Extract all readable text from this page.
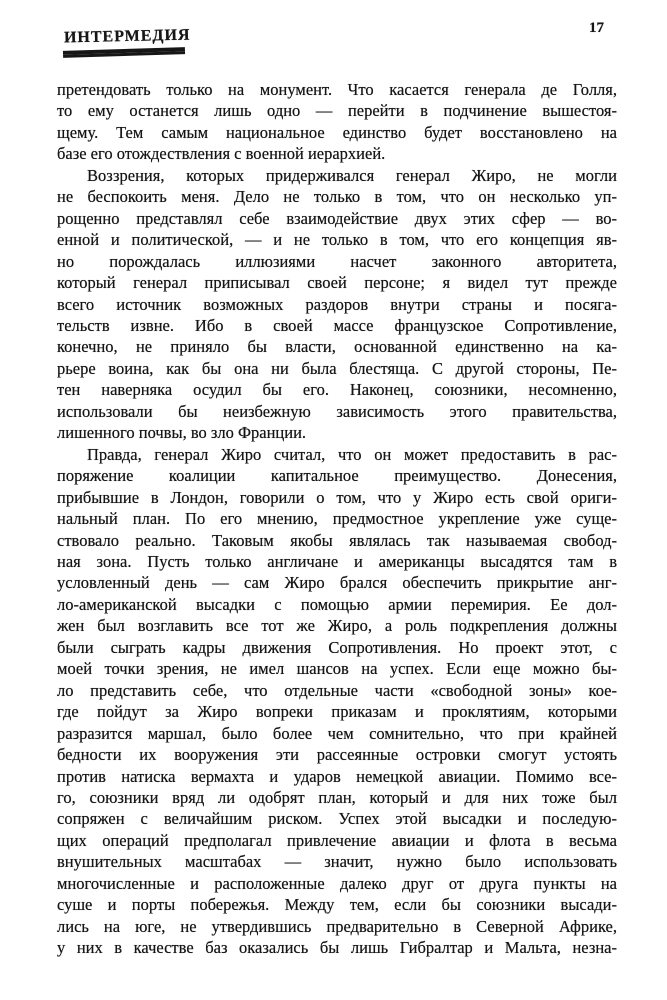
ИНТЕРМЕДИЯ	17
претендовать только на монумент. Что касается генерала де Голля,
то ему останется лишь одно — перейти в подчинение вышестоя-
щему. Тем самым национальное единство будет восстановлено на
базе его отождествления с военной иерархией.
Воззрения, которых придерживался генерал Жиро, не могли
не беспокоить меня. Дело не только в том, что он несколько уп-
рощенно представлял себе взаимодействие двух этих сфер — во-
енной и политической, — и не только в том, что его концепция яв-
но порождалась иллюзиями насчет законного авторитета,
который генерал приписывал своей персоне; я видел тут прежде
всего источник возможных раздоров внутри страны и посяга-
тельств извне. Ибо в своей массе французское Сопротивление,
конечно, не приняло бы власти, основанной единственно на ка-
рьере воина, как бы она ни была блестяща. С другой стороны, Пе-
тен наверняка осудил бы его. Наконец, союзники, несомненно,
использовали бы неизбежную зависимость этого правительства,
лишенного почвы, во зло Франции.
Правда, генерал Жиро считал, что он может предоставить в рас-
поряжение коалиции капитальное преимущество. Донесения,
прибывшие в Лондон, говорили о том, что у Жиро есть свой ориги-
нальный план. По его мнению, предмостное укрепление уже суще-
ствовало реально. Таковым якобы являлась так называемая свобод-
ная зона. Пусть только англичане и американцы высадятся там в
условленный день — сам Жиро брался обеспечить прикрытие анг-
ло-американской высадки с помощью армии перемирия. Ее дол-
жен был возглавить все тот же Жиро, а роль подкрепления должны
были сыграть кадры движения Сопротивления. Но проект этот, с
моей точки зрения, не имел шансов на успех. Если еще можно бы-
ло представить себе, что отдельные части «свободной зоны» кое-
где пойдут за Жиро вопреки приказам и проклятиям, которыми
разразится маршал, было более чем сомнительно, что при крайней
бедности их вооружения эти рассеянные островки смогут устоять
против натиска вермахта и ударов немецкой авиации. Помимо все-
го, союзники вряд ли одобрят план, который и для них тоже был
сопряжен с величайшим риском. Успех этой высадки и последую-
щих операций предполагал привлечение авиации и флота в весьма
внушительных масштабах — значит, нужно было использовать
многочисленные и расположенные далеко друг от друга пункты на
суше и порты побережья. Между тем, если бы союзники высади-
лись на юге, не утвердившись предварительно в Северной Африке,
у них в качестве баз оказались бы лишь Гибралтар и Мальта, незна-
